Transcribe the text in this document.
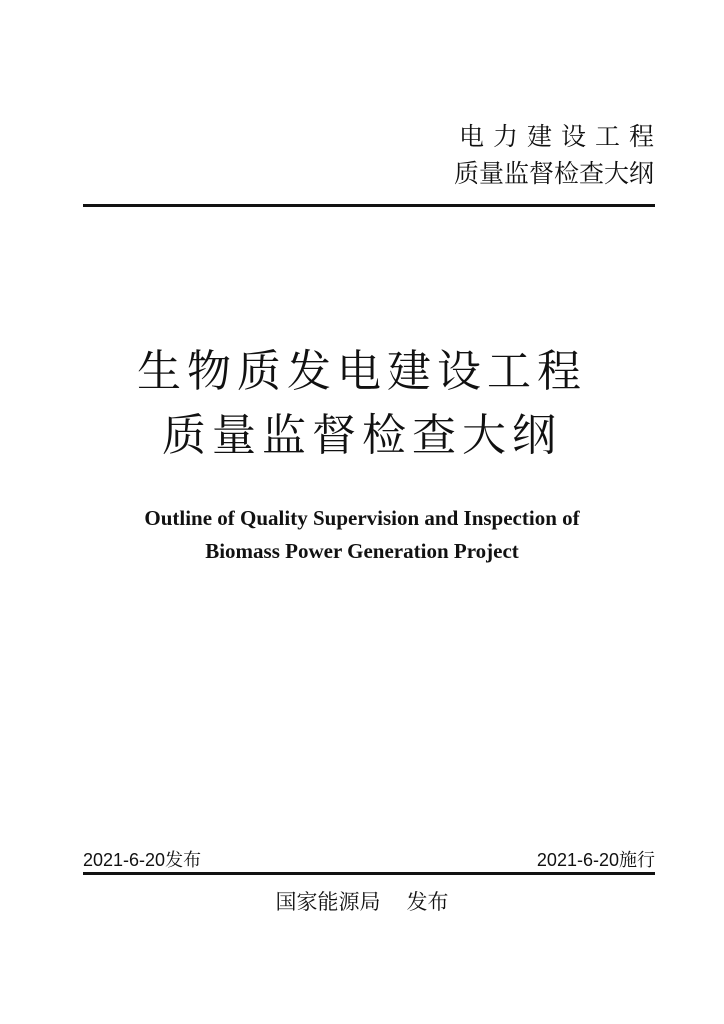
电力建设工程
质量监督检查大纲
生物质发电建设工程
质量监督检查大纲
Outline of Quality Supervision and Inspection of
Biomass Power Generation Project
2021-6-20发布	2021-6-20施行
国家能源局 发布
